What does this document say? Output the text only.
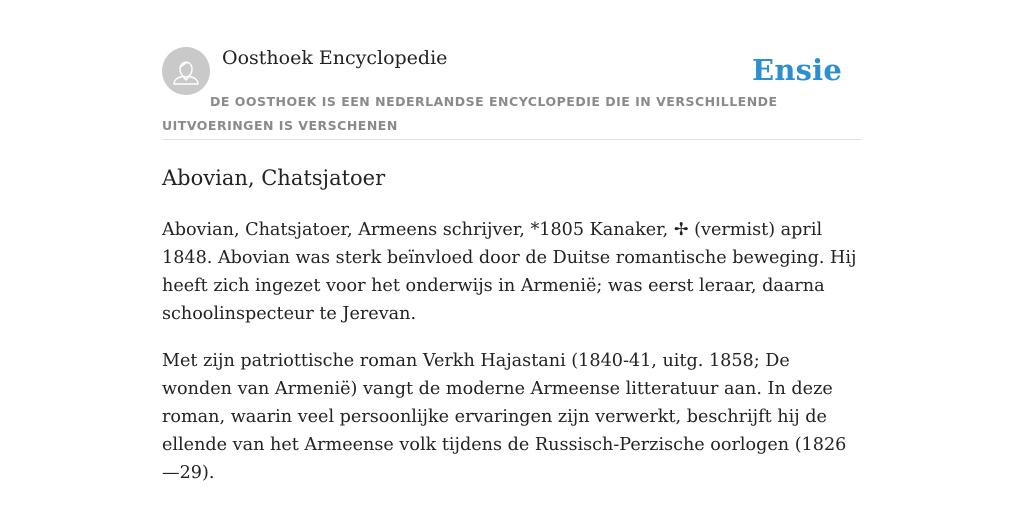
Oosthoek Encyclopedie	Ensie

DE OOSTHOEK IS EEN NEDERLANDSE ENCYCLOPEDIE DIE IN VERSCHILLENDE UITVOERINGEN IS VERSCHENEN

Abovian, Chatsjatoer

Abovian, Chatsjatoer, Armeens schrijver, *1805 Kanaker, ✢ (vermist) april 1848. Abovian was sterk beïnvloed door de Duitse romantische beweging. Hij heeft zich ingezet voor het onderwijs in Armenië; was eerst leraar, daarna schoolinspecteur te Jerevan.

Met zijn patriottische roman Verkh Hajastani (1840-41, uitg. 1858; De wonden van Armenië) vangt de moderne Armeense litteratuur aan. In deze roman, waarin veel persoonlijke ervaringen zijn verwerkt, beschrijft hij de ellende van het Armeense volk tijdens de Russisch-Perzische oorlogen (1826—29).
